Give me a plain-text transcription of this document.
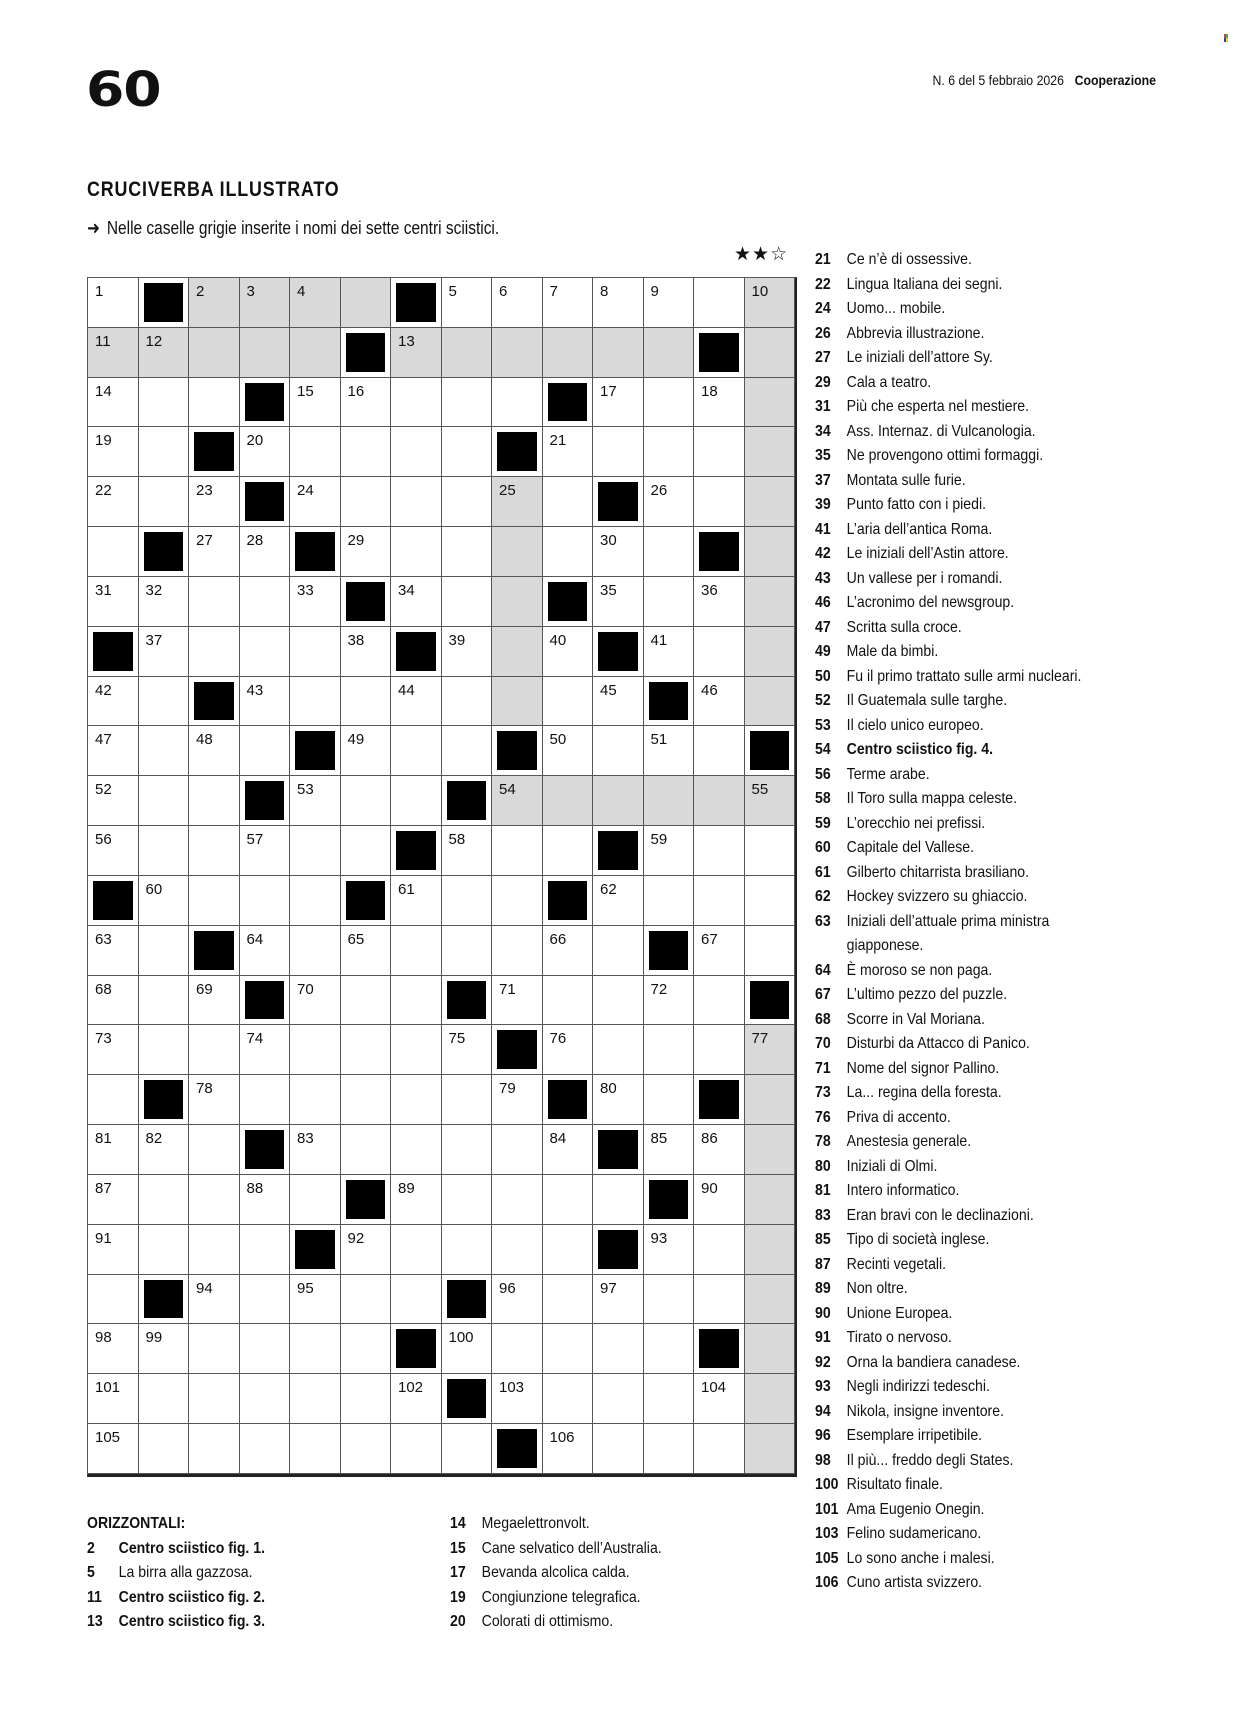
60	N. 6 del 5 febbraio 2026 Cooperazione
CRUCIVERBA ILLUSTRATO
➜ Nelle caselle grigie inserite i nomi dei sette centri sciistici.
★★☆
1	2	3	4	5	6	7	8	9	10
11 12	13
14	15 16	17	18
19	20	21
22	23	24	25	26
27 28	29	30
31 32	33	34	35	36
37	38	39	40	41
42	43	44	45	46
47	48	49	50	51
52	53	54	55
56	57	58	59
60	61	62
63	64	65	66	67
68	69	70	71	72
73	74	75	76	77
78	79	80
81 82	83	84	85 86
87	88	89	90
91	92	93
94	95	96	97
98 99	100
101	102	103	104
105	106
ORIZZONTALI:
2	Centro sciistico fig. 1.
5	La birra alla gazzosa.
11	Centro sciistico fig. 2.
13	Centro sciistico fig. 3.
14	Megaelettronvolt.
15	Cane selvatico dell’Australia.
17	Bevanda alcolica calda.
19	Congiunzione telegrafica.
20	Colorati di ottimismo.
21	Ce n’è di ossessive.
22	Lingua Italiana dei segni.
24	Uomo... mobile.
26	Abbrevia illustrazione.
27	Le iniziali dell’attore Sy.
29	Cala a teatro.
31	Più che esperta nel mestiere.
34	Ass. Internaz. di Vulcanologia.
35	Ne provengono ottimi formaggi.
37	Montata sulle furie.
39	Punto fatto con i piedi.
41	L’aria dell’antica Roma.
42	Le iniziali dell’Astin attore.
43	Un vallese per i romandi.
46	L’acronimo del newsgroup.
47	Scritta sulla croce.
49	Male da bimbi.
50	Fu il primo trattato sulle armi nucleari.
52	Il Guatemala sulle targhe.
53	Il cielo unico europeo.
54	Centro sciistico fig. 4.
56	Terme arabe.
58	Il Toro sulla mappa celeste.
59	L’orecchio nei prefissi.
60	Capitale del Vallese.
61	Gilberto chitarrista brasiliano.
62	Hockey svizzero su ghiaccio.
63	Iniziali dell’attuale prima ministra
giapponese.
64	È moroso se non paga.
67	L’ultimo pezzo del puzzle.
68	Scorre in Val Moriana.
70	Disturbi da Attacco di Panico.
71	Nome del signor Pallino.
73	La... regina della foresta.
76	Priva di accento.
78	Anestesia generale.
80	Iniziali di Olmi.
81	Intero informatico.
83	Eran bravi con le declinazioni.
85	Tipo di società inglese.
87	Recinti vegetali.
89	Non oltre.
90	Unione Europea.
91	Tirato o nervoso.
92	Orna la bandiera canadese.
93	Negli indirizzi tedeschi.
94	Nikola, insigne inventore.
96	Esemplare irripetibile.
98	Il più... freddo degli States.
100 Risultato finale.
101 Ama Eugenio Onegin.
103 Felino sudamericano.
105 Lo sono anche i malesi.
106 Cuno artista svizzero.
